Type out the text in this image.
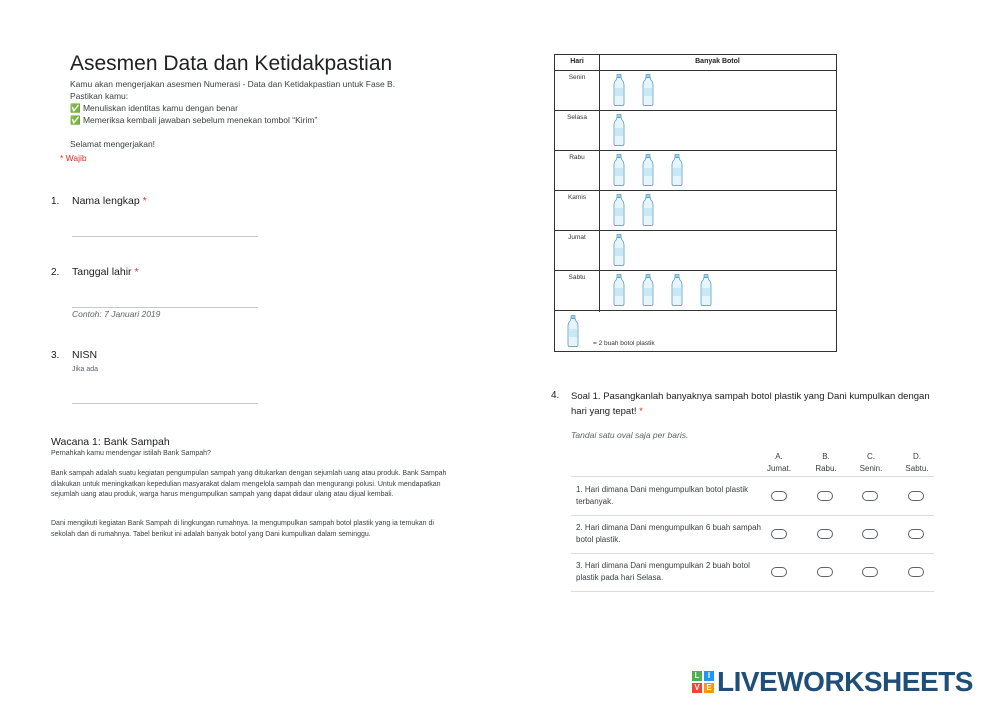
Asesmen Data dan Ketidakpastian
Kamu akan mengerjakan asesmen Numerasi - Data dan Ketidakpastian untuk Fase B.
Pastikan kamu:
✅ Menuliskan identitas kamu dengan benar
✅ Memeriksa kembali jawaban sebelum menekan tombol “Kirim”

Selamat mengerjakan!
* Wajib
1. Nama lengkap *
2. Tanggal lahir *
Contoh: 7 Januari 2019
3. NISN
Jika ada
Wacana 1: Bank Sampah
Pernahkah kamu mendengar istilah Bank Sampah?
Bank sampah adalah suatu kegiatan pengumpulan sampah yang ditukarkan dengan sejumlah uang atau produk. Bank Sampah dilakukan untuk meningkatkan kepedulian masyarakat dalam mengelola sampah dan mengurangi polusi. Untuk mendapatkan sejumlah uang atau produk, warga harus mengumpulkan sampah yang dapat didaur ulang atau dijual kembali.
Dani mengikuti kegiatan Bank Sampah di lingkungan rumahnya. Ia mengumpulkan sampah botol plastik yang ia temukan di sekolah dan di rumahnya. Tabel berikut ini adalah banyak botol yang Dani kumpulkan dalam seminggu.
Hari	Banyak Botol
Senin
Selasa
Rabu
Kamis
Jumat
Sabtu
= 2 buah botol plastik
4. Soal 1. Pasangkanlah banyaknya sampah botol plastik yang Dani kumpulkan dengan hari yang tepat! *
Tandai satu oval saja per baris.
A.
Jumat.
B.
Rabu.
C.
Senin.
D.
Sabtu.
1. Hari dimana Dani mengumpulkan botol plastik terbanyak.
2. Hari dimana Dani mengumpulkan 6 buah sampah botol plastik.
3. Hari dimana Dani mengumpulkan 2 buah botol plastik pada hari Selasa.
L	I
V E LIVEWORKSHEETS
